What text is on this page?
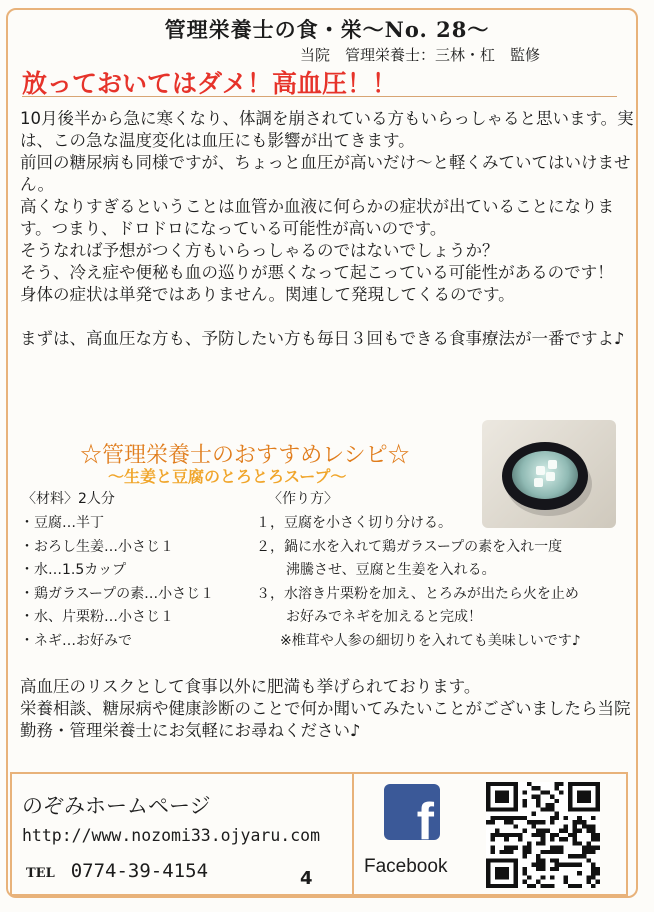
管理栄養士の食・栄〜No. 28〜
当院　管理栄養士：三林・杠　監修
放っておいてはダメ！高血圧！！

10月後半から急に寒くなり、体調を崩されている方もいらっしゃると思います。実は、この急な温度変化は血圧にも影響が出てきます。

前回の糖尿病も同様ですが、ちょっと血圧が高いだけ〜と軽くみていてはいけません。

高くなりすぎるということは血管か血液に何らかの症状が出ていることになります。つまり、ドロドロになっている可能性が高いのです。

そうなれば予想がつく方もいらっしゃるのではないでしょうか？

そう、冷え症や便秘も血の巡りが悪くなって起こっている可能性があるのです！

身体の症状は単発ではありません。関連して発現してくるのです。

まずは、高血圧な方も、予防したい方も毎日３回もできる食事療法が一番ですよ♪

☆管理栄養士のおすすめレシピ☆
〜生姜と豆腐のとろとろスープ〜
〈材料〉2人分	〈作り方〉
・豆腐…半丁
・おろし生姜…小さじ１
・水…1.5カップ
・鶏ガラスープの素…小さじ１
・水、片栗粉…小さじ１
・ネギ…お好みで
１，豆腐を小さく切り分ける。
２，鍋に水を入れて鶏ガラスープの素を入れ一度
沸騰させ、豆腐と生姜を入れる。
３，水溶き片栗粉を加え、とろみが出たら火を止め
お好みでネギを加えると完成！
※椎茸や人参の細切りを入れても美味しいです♪

高血圧のリスクとして食事以外に肥満も挙げられております。

栄養相談、糖尿病や健康診断のことで何か聞いてみたいことがございましたら当院勤務・管理栄養士にお気軽にお尋ねください♪

のぞみホームページ
http://www.nozomi33.ojyaru.com
TEL 0774-39-4154	4
f
Facebook
